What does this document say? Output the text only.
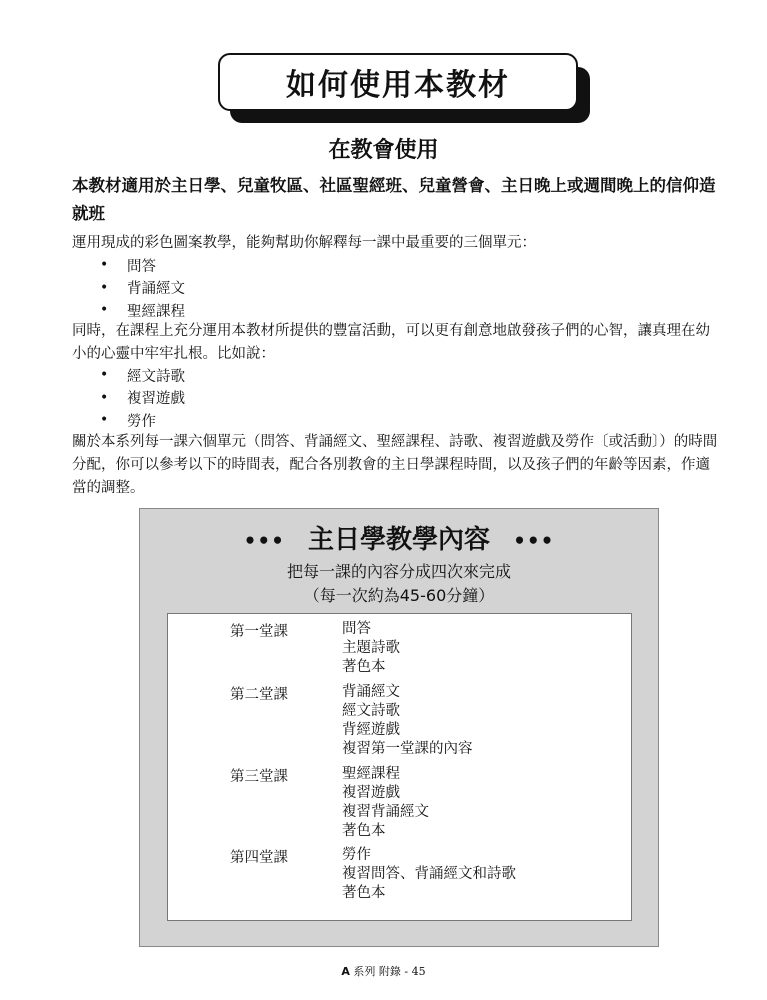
如何使用本教材
在教會使用
本教材適用於主日學、兒童牧區、社區聖經班、兒童營會、主日晚上或週間晚上的信仰造就班
運用現成的彩色圖案教學，能夠幫助你解釋每一課中最重要的三個單元：
•	問答
•	背誦經文
•	聖經課程
同時，在課程上充分運用本教材所提供的豐富活動，可以更有創意地啟發孩子們的心智，讓真理在幼小的心靈中牢牢扎根。比如說：
•	經文詩歌
•	複習遊戲
•	勞作
關於本系列每一課六個單元（問答、背誦經文、聖經課程、詩歌、複習遊戲及勞作〔或活動〕）的時間分配，你可以參考以下的時間表，配合各別教會的主日學課程時間，以及孩子們的年齡等因素，作適當的調整。
••• 主日學教學內容 •••
把每一課的內容分成四次來完成
（每一次約為45-60分鐘）
第一堂課	問答
主題詩歌
著色本
第二堂課	背誦經文
經文詩歌
背經遊戲
複習第一堂課的內容
第三堂課	聖經課程
複習遊戲
複習背誦經文
著色本
第四堂課	勞作
複習問答、背誦經文和詩歌
著色本
A 系列 附錄 - 45
